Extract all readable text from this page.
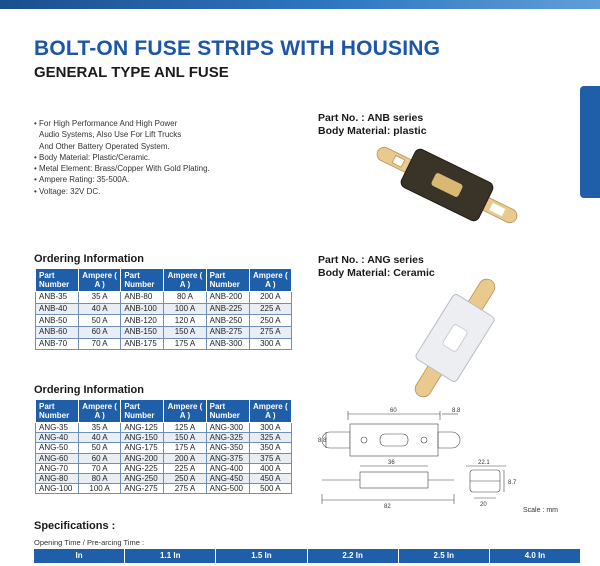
BOLT-ON FUSE STRIPS WITH HOUSING
GENERAL TYPE ANL FUSE
• For High Performance And High Power
Audio Systems, Also Use For Lift Trucks
And Other Battery Operated System.
• Body Material: Plastic/Ceramic.
• Metal Element: Brass/Copper With Gold Plating.
• Ampere Rating: 35-500A.
• Voltage: 32V DC.
Part No. : ANB series
Body Material: plastic
Part No. : ANG series
Body Material: Ceramic
Ordering Information
Part Number	Ampere ( A )	Part Number	Ampere ( A )	Part Number	Ampere ( A )
ANB-35	35 A	ANB-80	80 A	ANB-200	200 A
ANB-40	40 A	ANB-100	100 A	ANB-225	225 A
ANB-50	50 A	ANB-120	120 A	ANB-250	250 A
ANB-60	60 A	ANB-150	150 A	ANB-275	275 A
ANB-70	70 A	ANB-175	175 A	ANB-300	300 A
Ordering Information
Part Number	Ampere ( A )	Part Number	Ampere ( A )	Part Number	Ampere ( A )
ANG-35	35 A	ANG-125	125 A	ANG-300	300 A
ANG-40	40 A	ANG-150	150 A	ANG-325	325 A
ANG-50	50 A	ANG-175	175 A	ANG-350	350 A
ANG-60	60 A	ANG-200	200 A	ANG-375	375 A
ANG-70	70 A	ANG-225	225 A	ANG-400	400 A
ANG-80	80 A	ANG-250	250 A	ANG-450	450 A
ANG-100	100 A	ANG-275	275 A	ANG-500	500 A
60	8.8
8.8
36
82
22.1
8.7
20
Scale : mm
Specifications :
Opening Time / Pre-arcing Time :
In	1.1 In	1.5 In	2.2 In	2.5 In	4.0 In
